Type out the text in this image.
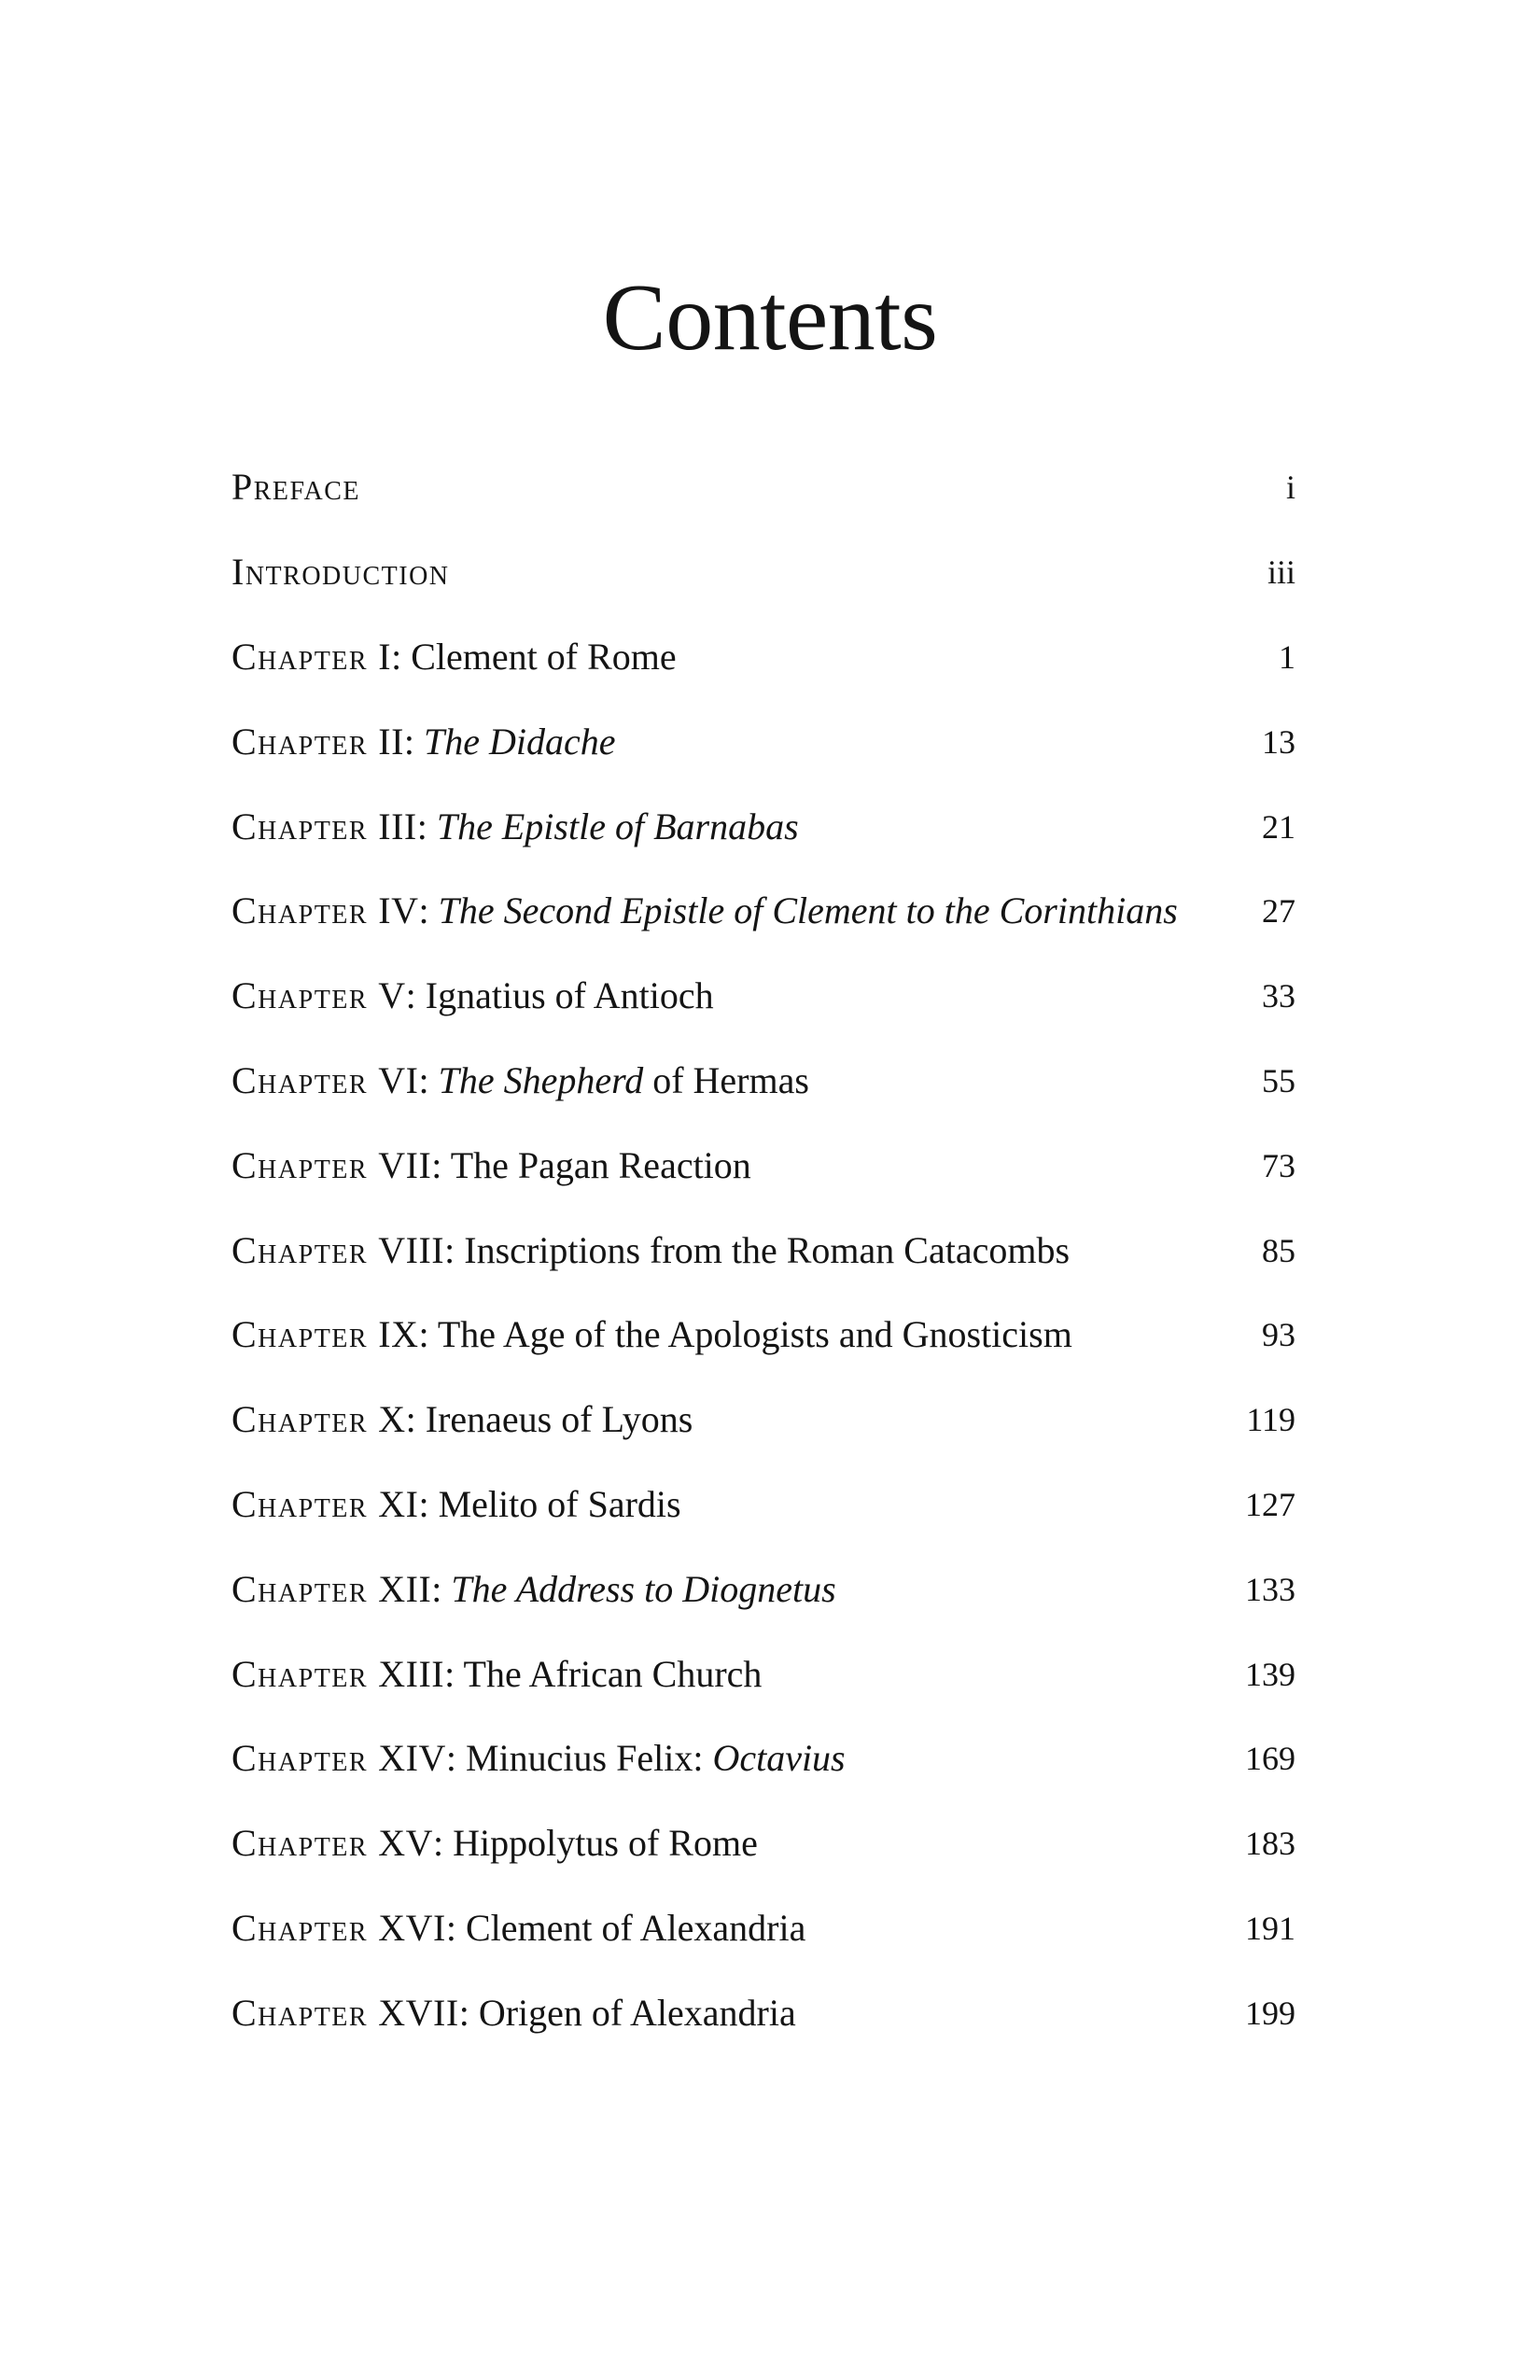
Contents
Preface	i
Introduction	iii
Chapter I: Clement of Rome	1
Chapter II: The Didache	13
Chapter III: The Epistle of Barnabas	21
Chapter IV: The Second Epistle of Clement to the Corinthians	27
Chapter V: Ignatius of Antioch	33
Chapter VI: The Shepherd of Hermas	55
Chapter VII: The Pagan Reaction	73
Chapter VIII: Inscriptions from the Roman Catacombs	85
Chapter IX: The Age of the Apologists and Gnosticism	93
Chapter X: Irenaeus of Lyons	119
Chapter XI: Melito of Sardis	127
Chapter XII: The Address to Diognetus	133
Chapter XIII: The African Church	139
Chapter XIV: Minucius Felix: Octavius	169
Chapter XV: Hippolytus of Rome	183
Chapter XVI: Clement of Alexandria	191
Chapter XVII: Origen of Alexandria	199
